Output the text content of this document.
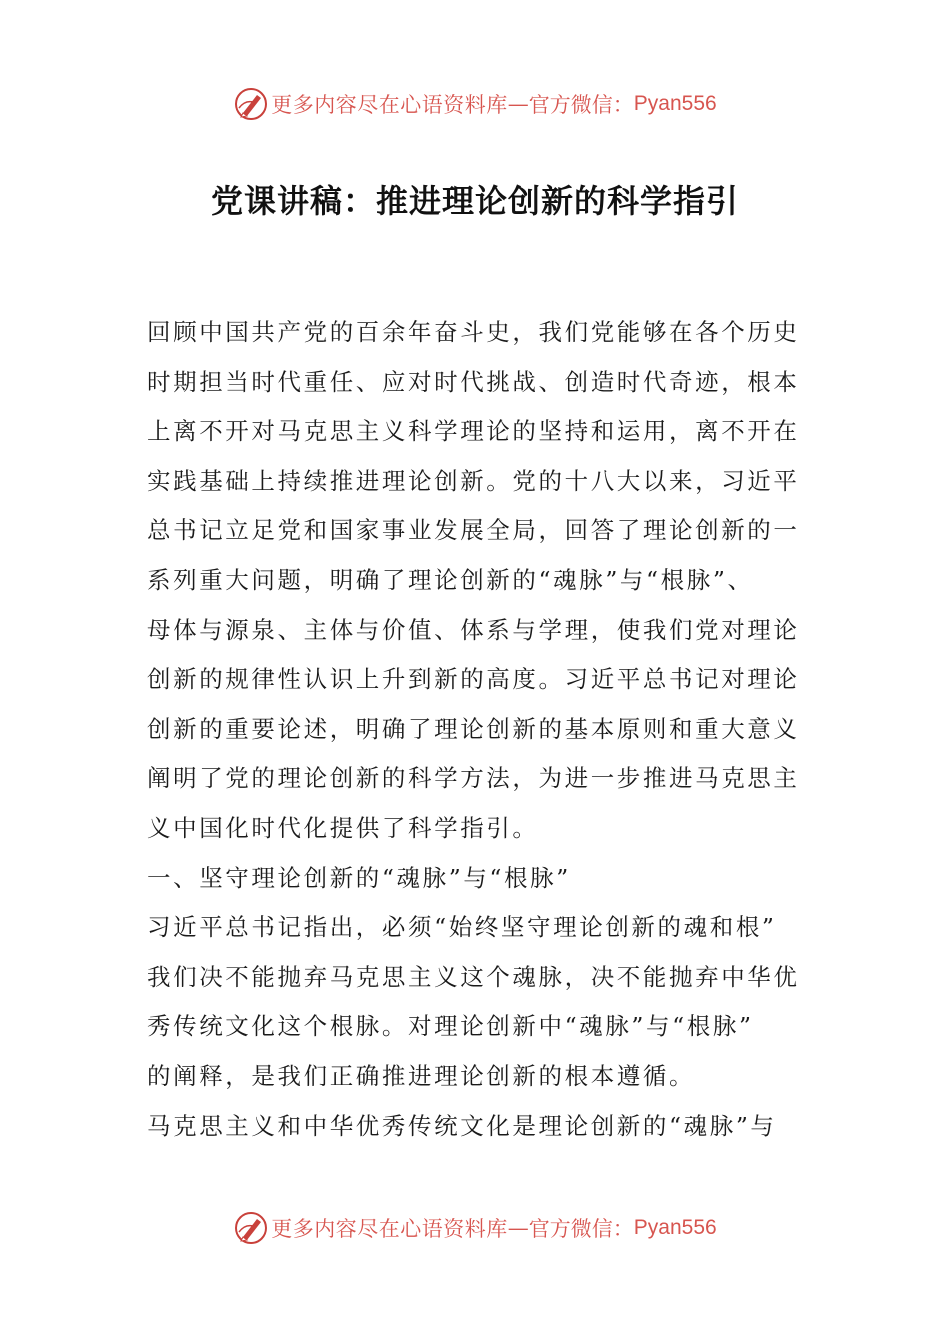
更多内容尽在心语资料库 — 官方微信： Pyan556
党课讲稿：推进理论创新的科学指引
回顾中国共产党的百余年奋斗史，我们党能够在各个历史
时期担当时代重任、应对时代挑战、创造时代奇迹，根本
上离不开对马克思主义科学理论的坚持和运用，离不开在
实践基础上持续推进理论创新。党的十八大以来，习近平
总书记立足党和国家事业发展全局，回答了理论创新的一
系列重大问题，明确了理论创新的“魂脉”与“根脉”、
母体与源泉、主体与价值、体系与学理，使我们党对理论
创新的规律性认识上升到新的高度。习近平总书记对理论
创新的重要论述，明确了理论创新的基本原则和重大意义
阐明了党的理论创新的科学方法，为进一步推进马克思主
义中国化时代化提供了科学指引。
一、坚守理论创新的“魂脉”与“根脉”
习近平总书记指出，必须“始终坚守理论创新的魂和根”
我们决不能抛弃马克思主义这个魂脉，决不能抛弃中华优
秀传统文化这个根脉。对理论创新中“魂脉”与“根脉”
的阐释，是我们正确推进理论创新的根本遵循。
马克思主义和中华优秀传统文化是理论创新的“魂脉”与
更多内容尽在心语资料库 — 官方微信： Pyan556
